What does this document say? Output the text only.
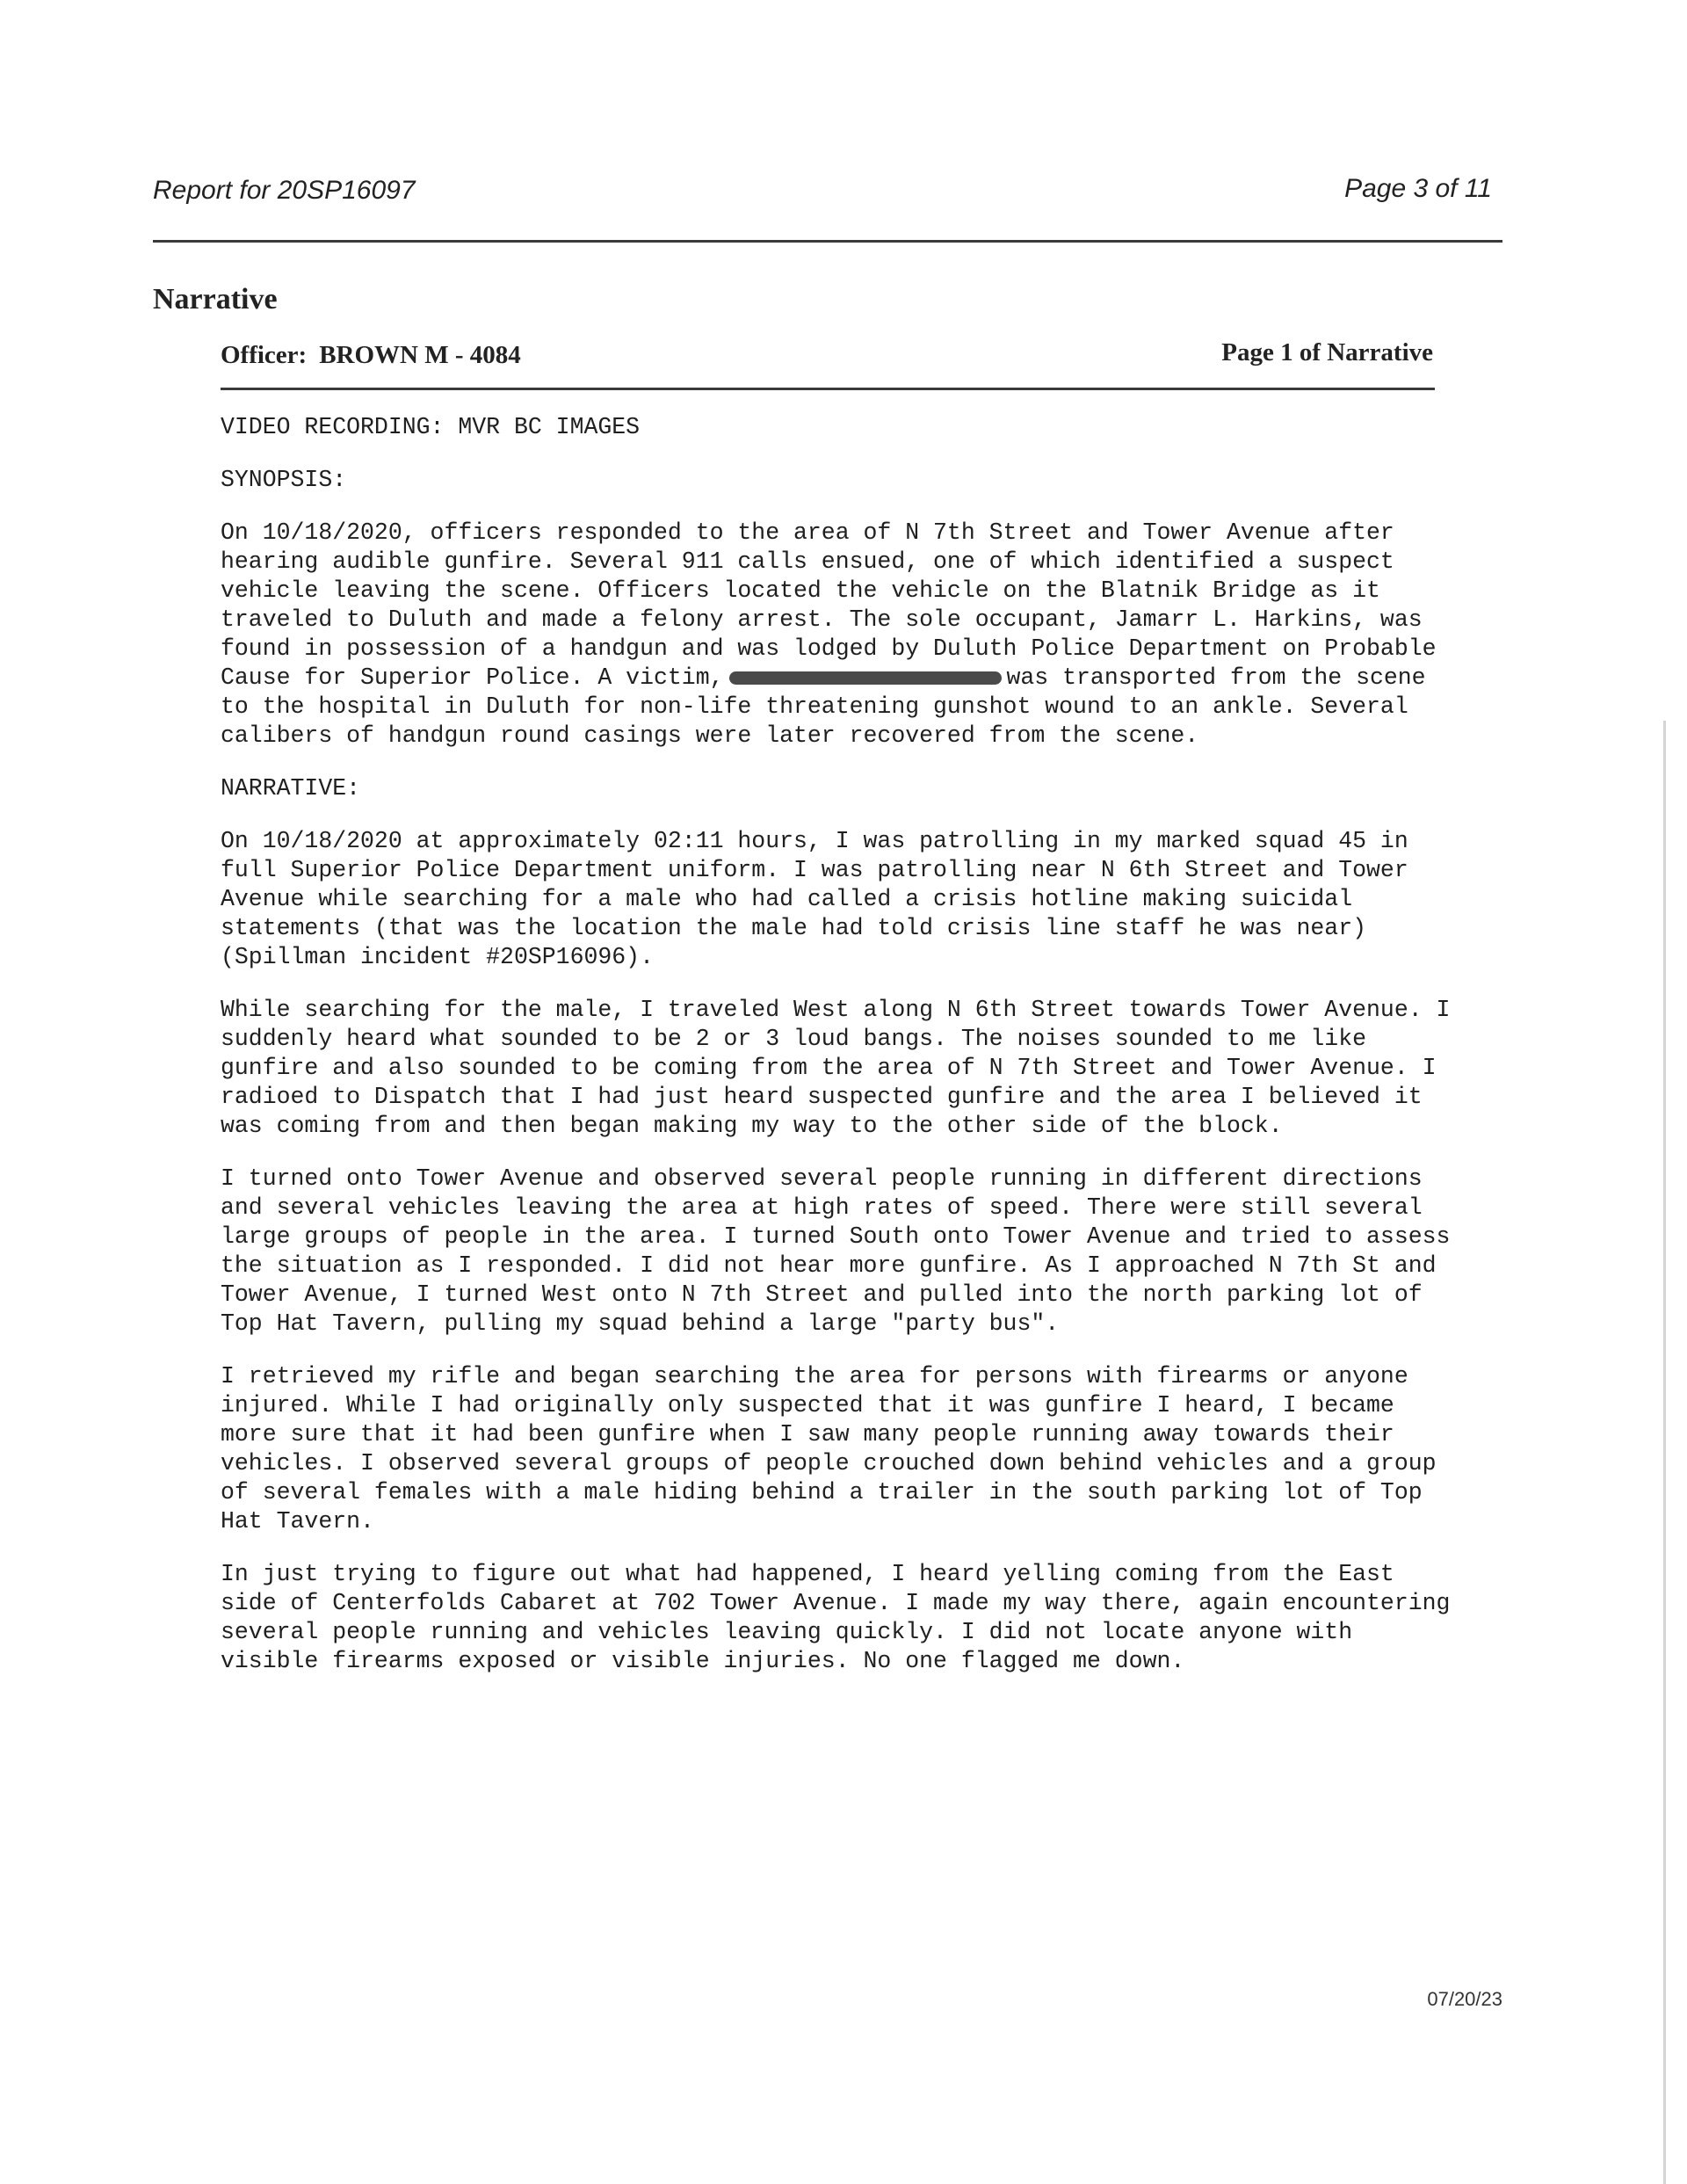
Report for 20SP16097	Page 3 of 11
Narrative
Officer: BROWN M - 4084	Page 1 of Narrative

VIDEO RECORDING: MVR BC IMAGES

SYNOPSIS:

On 10/18/2020, officers responded to the area of N 7th Street and Tower Avenue after hearing audible gunfire. Several 911 calls ensued, one of which identified a suspect vehicle leaving the scene. Officers located the vehicle on the Blatnik Bridge as it traveled to Duluth and made a felony arrest. The sole occupant, Jamarr L. Harkins, was found in possession of a handgun and was lodged by Duluth Police Department on Probable Cause for Superior Police. A victim,	was transported from the scene to the hospital in Duluth for non-life threatening gunshot wound to an ankle. Several calibers of handgun round casings were later recovered from the scene.

NARRATIVE:

On 10/18/2020 at approximately 02:11 hours, I was patrolling in my marked squad 45 in full Superior Police Department uniform. I was patrolling near N 6th Street and Tower Avenue while searching for a male who had called a crisis hotline making suicidal statements (that was the location the male had told crisis line staff he was near) (Spillman incident #20SP16096).

While searching for the male, I traveled West along N 6th Street towards Tower Avenue. I suddenly heard what sounded to be 2 or 3 loud bangs. The noises sounded to me like gunfire and also sounded to be coming from the area of N 7th Street and Tower Avenue. I radioed to Dispatch that I had just heard suspected gunfire and the area I believed it was coming from and then began making my way to the other side of the block.

I turned onto Tower Avenue and observed several people running in different directions and several vehicles leaving the area at high rates of speed. There were still several large groups of people in the area. I turned South onto Tower Avenue and tried to assess the situation as I responded. I did not hear more gunfire. As I approached N 7th St and Tower Avenue, I turned West onto N 7th Street and pulled into the north parking lot of Top Hat Tavern, pulling my squad behind a large "party bus".

I retrieved my rifle and began searching the area for persons with firearms or anyone injured. While I had originally only suspected that it was gunfire I heard, I became more sure that it had been gunfire when I saw many people running away towards their vehicles. I observed several groups of people crouched down behind vehicles and a group of several females with a male hiding behind a trailer in the south parking lot of Top Hat Tavern.

In just trying to figure out what had happened, I heard yelling coming from the East side of Centerfolds Cabaret at 702 Tower Avenue. I made my way there, again encountering several people running and vehicles leaving quickly. I did not locate anyone with visible firearms exposed or visible injuries. No one flagged me down.

07/20/23
